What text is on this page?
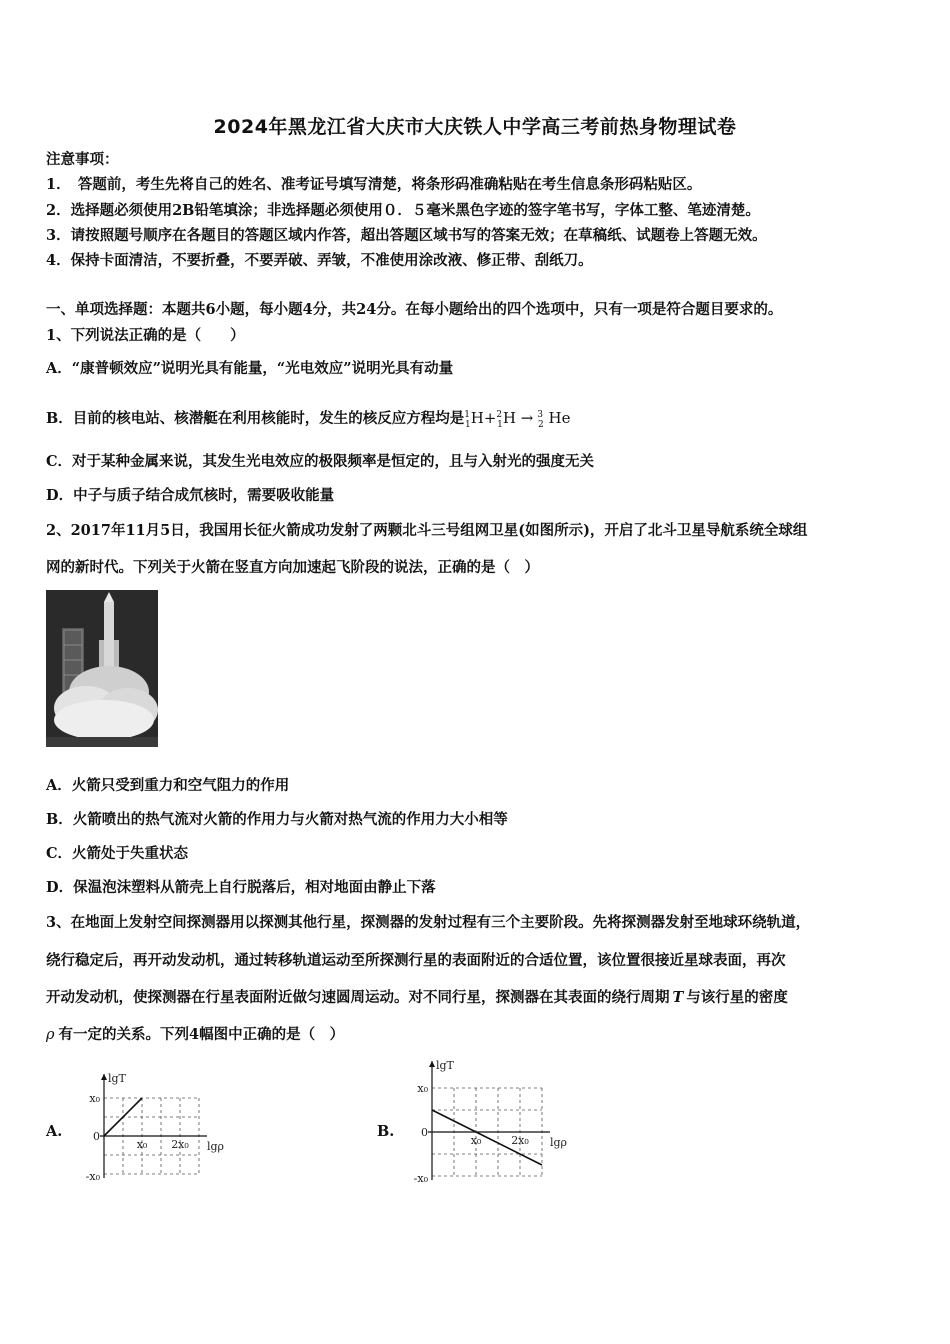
2024年黑龙江省大庆市大庆铁人中学高三考前热身物理试卷
注意事项：
1．　答题前，考生先将自己的姓名、准考证号填写清楚，将条形码准确粘贴在考生信息条形码粘贴区。
2．选择题必须使用2B铅笔填涂；非选择题必须使用０．５毫米黑色字迹的签字笔书写，字体工整、笔迹清楚。
3．请按照题号顺序在各题目的答题区域内作答，超出答题区域书写的答案无效；在草稿纸、试题卷上答题无效。
4．保持卡面清洁，不要折叠，不要弄破、弄皱，不准使用涂改液、修正带、刮纸刀。
一、单项选择题：本题共6小题，每小题4分，共24分。在每小题给出的四个选项中，只有一项是符合题目要求的。
1、下列说法正确的是（　　）
A．“康普顿效应”说明光具有能量，“光电效应”说明光具有动量
B．目前的核电站、核潜艇在利用核能时，发生的核反应方程均是$^1_1$H+$^2_1$H → $^3_2$ He
C．对于某种金属来说，其发生光电效应的极限频率是恒定的，且与入射光的强度无关
D．中子与质子结合成氘核时，需要吸收能量
2、2017年11月5日，我国用长征火箭成功发射了两颗北斗三号组网卫星(如图所示)，开启了北斗卫星导航系统全球组
网的新时代。下列关于火箭在竖直方向加速起飞阶段的说法，正确的是（　）
A．火箭只受到重力和空气阻力的作用
B．火箭喷出的热气流对火箭的作用力与火箭对热气流的作用力大小相等
C．火箭处于失重状态
D．保温泡沫塑料从箭壳上自行脱落后，相对地面由静止下落
3、在地面上发射空间探测器用以探测其他行星，探测器的发射过程有三个主要阶段。先将探测器发射至地球环绕轨道，
绕行稳定后，再开动发动机，通过转移轨道运动至所探测行星的表面附近的合适位置，该位置很接近星球表面，再次
开动发动机，使探测器在行星表面附近做匀速圆周运动。对不同行星，探测器在其表面的绕行周期 T 与该行星的密度
ρ 有一定的关系。下列4幅图中正确的是（　）
A.	B.
lgT
lgρ
x₀
0
-x₀
x₀ 2x₀
lgT
lgρ
x₀
0
-x₀
x₀	2x₀
